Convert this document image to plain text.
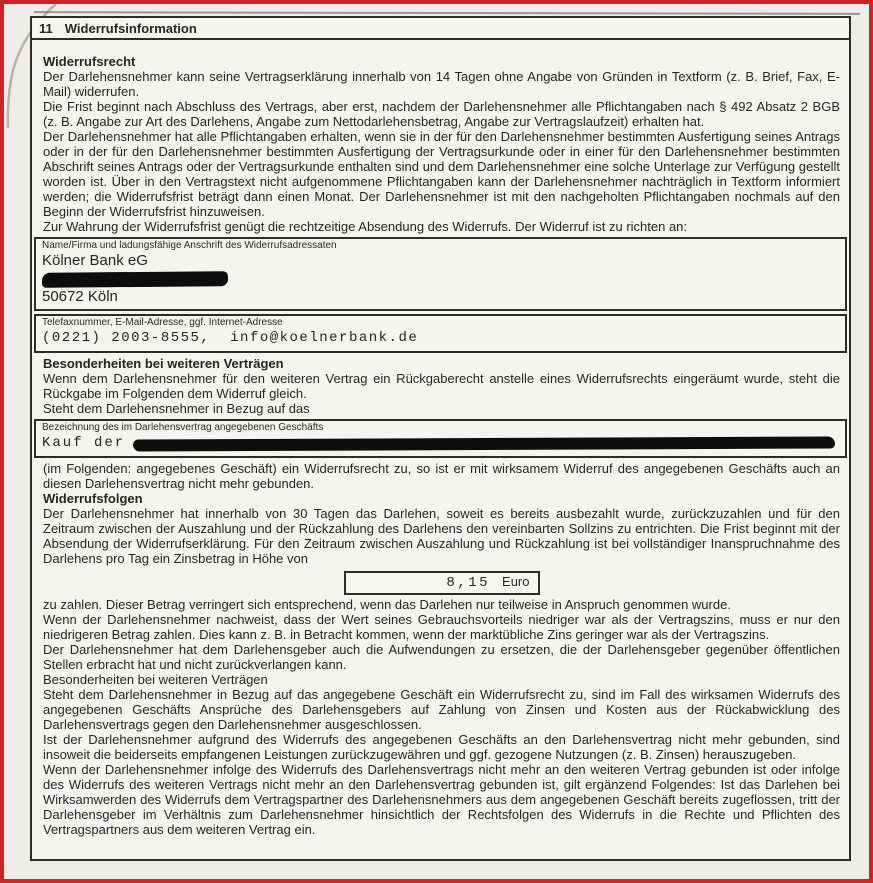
11 Widerrufsinformation

Widerrufsrecht

Der Darlehensnehmer kann seine Vertragserklärung innerhalb von 14 Tagen ohne Angabe von Gründen in Textform (z. B. Brief, Fax, E-Mail) widerrufen.

Die Frist beginnt nach Abschluss des Vertrags, aber erst, nachdem der Darlehensnehmer alle Pflichtangaben nach § 492 Absatz 2 BGB (z. B. Angabe zur Art des Darlehens, Angabe zum Nettodarlehensbetrag, Angabe zur Vertragslaufzeit) erhalten hat.

Der Darlehensnehmer hat alle Pflichtangaben erhalten, wenn sie in der für den Darlehensnehmer bestimmten Ausfertigung seines Antrags oder in der für den Darlehensnehmer bestimmten Ausfertigung der Vertragsurkunde oder in einer für den Darlehensnehmer bestimmten Abschrift seines Antrags oder der Vertragsurkunde enthalten sind und dem Darlehensnehmer eine solche Unterlage zur Verfügung gestellt worden ist. Über in den Vertragstext nicht aufgenommene Pflichtangaben kann der Darlehensnehmer nachträglich in Textform informiert werden; die Widerrufsfrist beträgt dann einen Monat. Der Darlehensnehmer ist mit den nachgeholten Pflichtangaben nochmals auf den Beginn der Widerrufsfrist hinzuweisen.

Zur Wahrung der Widerrufsfrist genügt die rechtzeitige Absendung des Widerrufs. Der Widerruf ist zu richten an:

Name/Firma und ladungsfähige Anschrift des Widerrufsadressaten
Kölner Bank eG
50672 Köln
Telefaxnummer, E-Mail-Adresse, ggf. Internet-Adresse
(0221) 2003-8555,  info@koelnerbank.de

Besonderheiten bei weiteren Verträgen

Wenn dem Darlehensnehmer für den weiteren Vertrag ein Rückgaberecht anstelle eines Widerrufsrechts eingeräumt wurde, steht die Rückgabe im Folgenden dem Widerruf gleich.

Steht dem Darlehensnehmer in Bezug auf das

Bezeichnung des im Darlehensvertrag angegebenen Geschäfts
Kauf der

(im Folgenden: angegebenes Geschäft) ein Widerrufsrecht zu, so ist er mit wirksamem Widerruf des angegebenen Geschäfts auch an diesen Darlehensvertrag nicht mehr gebunden.

Widerrufsfolgen

Der Darlehensnehmer hat innerhalb von 30 Tagen das Darlehen, soweit es bereits ausbezahlt wurde, zurückzuzahlen und für den Zeitraum zwischen der Auszahlung und der Rückzahlung des Darlehens den vereinbarten Sollzins zu entrichten. Die Frist beginnt mit der Absendung der Widerrufserklärung. Für den Zeitraum zwischen Auszahlung und Rückzahlung ist bei vollständiger Inanspruchnahme des Darlehens pro Tag ein Zinsbetrag in Höhe von

8,15 Euro

zu zahlen. Dieser Betrag verringert sich entsprechend, wenn das Darlehen nur teilweise in Anspruch genommen wurde.

Wenn der Darlehensnehmer nachweist, dass der Wert seines Gebrauchsvorteils niedriger war als der Vertragszins, muss er nur den niedrigeren Betrag zahlen. Dies kann z. B. in Betracht kommen, wenn der marktübliche Zins geringer war als der Vertragszins.

Der Darlehensnehmer hat dem Darlehensgeber auch die Aufwendungen zu ersetzen, die der Darlehensgeber gegenüber öffentlichen Stellen erbracht hat und nicht zurückverlangen kann.

Besonderheiten bei weiteren Verträgen

Steht dem Darlehensnehmer in Bezug auf das angegebene Geschäft ein Widerrufsrecht zu, sind im Fall des wirksamen Widerrufs des angegebenen Geschäfts Ansprüche des Darlehensgebers auf Zahlung von Zinsen und Kosten aus der Rückabwicklung des Darlehensvertrags gegen den Darlehensnehmer ausgeschlossen.

Ist der Darlehensnehmer aufgrund des Widerrufs des angegebenen Geschäfts an den Darlehensvertrag nicht mehr gebunden, sind insoweit die beiderseits empfangenen Leistungen zurückzugewähren und ggf. gezogene Nutzungen (z. B. Zinsen) herauszugeben.

Wenn der Darlehensnehmer infolge des Widerrufs des Darlehensvertrags nicht mehr an den weiteren Vertrag gebunden ist oder infolge des Widerrufs des weiteren Vertrags nicht mehr an den Darlehensvertrag gebunden ist, gilt ergänzend Folgendes: Ist das Darlehen bei Wirksamwerden des Widerrufs dem Vertragspartner des Darlehensnehmers aus dem angegebenen Geschäft bereits zugeflossen, tritt der Darlehensgeber im Verhältnis zum Darlehensnehmer hinsichtlich der Rechtsfolgen des Widerrufs in die Rechte und Pflichten des Vertragspartners aus dem weiteren Vertrag ein.
